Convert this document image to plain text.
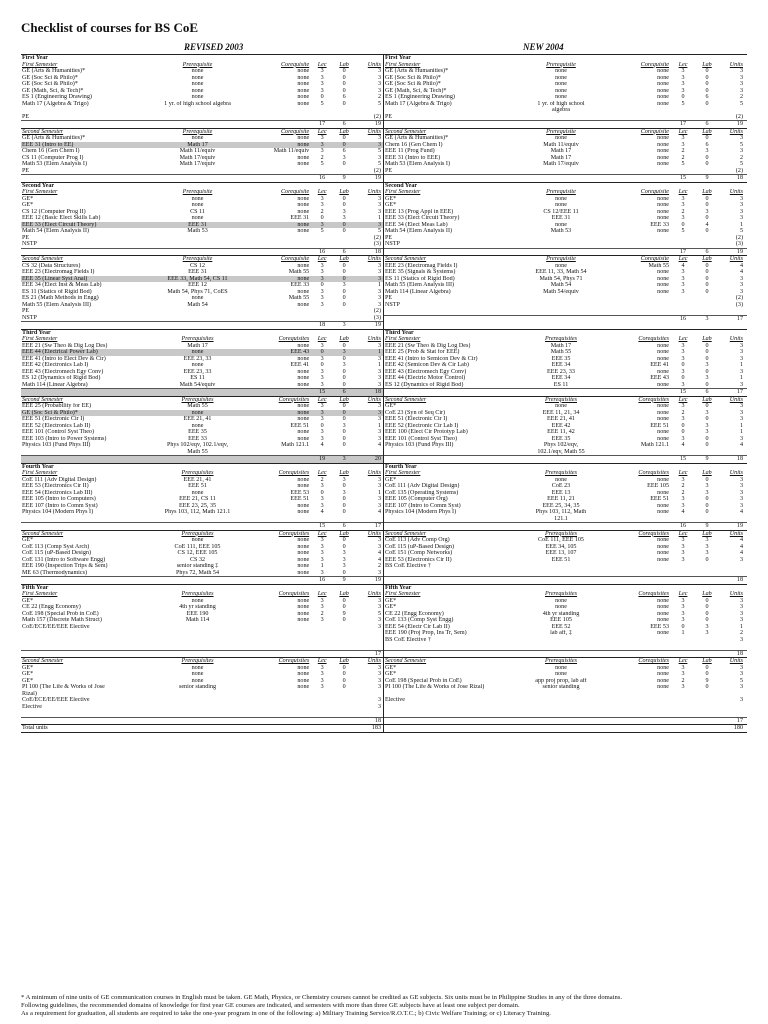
Checklist of courses for BS CoE
REVISED 2003	NEW 2004
First Year
First Semester	Prerequisite	Corequisite	Lec	Lab	Units
GE (Arts & Humanities)*	none	none	3	0	3
GE (Soc Sci & Philo)*	none	none	3	0	3
GE (Soc Sci & Philo)*	none	none	3	0	3
GE (Math, Sci, & Tech)*	none	none	3	0	3
ES 1 (Engineering Drawing)	none	none	0	6	2
Math 17 (Algebra & Trigo)	1 yr. of high school algebra	none	5	0	5
PE	(2)
17	6	19
First Year
First Semester	Prerequisite	Corequisite	Lec	Lab	Units
GE (Arts & Humanities)*	none	none	3	0	3
GE (Soc Sci & Philo)*	none	none	3	0	3
GE (Soc Sci & Philo)*	none	none	3	0	3
GE (Math, Sci, & Tech)*	none	none	3	0	3
ES 1 (Engineering Drawing)	none	none	0	6	2
Math 17 (Algebra & Trigo)	1 yr. of high school	none	5	0	5
algebra
PE	(2)
17	6	19
Second Semester	Prerequisite	Corequisite	Lec	Lab	Units
GE (Arts & Humanities)*	none	none	3	0	3
EEE 31 (Intro to EE)	Math 17	none	3	0	3
Chem 16 (Gen Chem I)	Math 11/equiv	Math 11/equiv	3	6	5
CS 11 (Computer Prog I)	Math 17/equiv	none	2	3	3
Math 53 (Elem Analysis I)	Math 17/equiv	none	5	0	5
PE	(2)
16	9	19
Second Semester	Prerequisite	Corequisite	Lec	Lab	Units
GE (Arts & Humanities)*	none	none	3	0	3
Chem 16 (Gen Chem I)	Math 11/equiv	none	3	6	5
EEE 11 (Prog Fund)	Math 17	none	2	3	3
EEE 31 (Intro to EEE)	Math 17	none	2	0	2
Math 53 (Elem Analysis I)	Math 17/equiv	none	5	0	5
PE	(2)
15	9	18
Second Year
First Semester	Prerequisite	Corequisite	Lec	Lab	Units
GE*	none	none	3	0	3
GE*	none	none	3	0	3
CS 12 (Computer Prog II)	CS 11	none	2	3	3
EEE 12 (Basic Elect Skills Lab)	none	EEE 31	0	3	1
EEE 33 (Elect Circuit Theory)	EEE 31	none	3	0	3
Math 54 (Elem Analysis II)	Math 53	none	5	0	5
PE	(2)
NSTP	(3)
16	6	18
Second Year
First Semester	Prerequisite	Corequisite	Lec	Lab	Units
GE*	none	none	3	0	3
GE*	none	none	3	0	3
EEE 13 (Prog Appl in EEE)	CS 12/EEE 11	none	2	3	3
EEE 33 (Elect Circuit Theory)	EEE 31	none	3	0	3
EEE 34 (Elect Meas Lab)	none	EEE 33	0	4	1
Math 54 (Elem Analysis II)	Math 53	none	5	0	5
PE	(2)
NSTP	(3)
17	6	19
Second Semester	Prerequisite	Corequisite	Lec	Lab	Units
CS 32 (Data Structures)	CS 12	none	3	0	3
EEE 23 (Electromag Fields I)	EEE 31	Math 55	3	0	3
EEE 35 (Linear Syst Anal)	EEE 33, Math 54, CS 11	none	3	0	3
EEE 34 (Elect Inst & Meas Lab)	EEE 12	EEE 33	0	3	1
ES 11 (Statics of Rigid Bod)	Math 54, Phys 71, CoES	none	3	0	3
ES 21 (Math Methods in Engg)	none	Math 55	3	0	3
Math 55 (Elem Analysis III)	Math 54	none	3	0	3
PE	(2)
NSTP	(3)
18	3	19
Second Semester	Prerequisite	Corequisite	Lec	Lab	Units
EEE 23 (Electromag Fields I)	none	Math 55	4	0	4
EEE 35 (Signals & Systems)	EEE 11, 33, Math 54	none	3	0	4
ES 11 (Statics of Rigid Bod)	Math 54, Phys 71	none	3	0	3
Math 55 (Elem Analysis III)	Math 54	none	3	0	3
Math 114 (Linear Algebra)	Math 54/equiv	none	3	0	3
PE	(2)
NSTP	(3)
16	3	17
Third Year
First Semester	Prerequisites	Corequisites	Lec	Lab	Units
EEE 21 (Sw Theo & Dig Log Des)	Math 17	none	3	0	3
EEE 44 (Electrical Power Lab)	none	EEE 43	0	3	1
EEE 41 (Intro to Elect Dev & Cir)	EEE 23, 33	none	3	0	3
EEE 42 (Electronics Lab I)	none	EEE 41	0	3	1
EEE 43 (Electromech Egy Conv)	EEE 23, 33	none	3	0	3
ES 12 (Dynamics of Rigid Bod)	ES 11	none	3	0	3
Math 114 (Linear Algebra)	Math 54/equiv	none	3	0	3
15	6	18
Third Year
First Semester	Prerequisites	Corequisites	Lec	Lab	Units
EEE 21 (Sw Theo & Dig Log Des)	Math 17	none	3	0	3
EEE 25 (Prob & Stat for EEE)	Math 55	none	3	0	3
EEE 41 (Intro to Semicon Dev & Cir)	EEE 35	none	3	0	3
EEE 42 (Semicon Dev & Cir Lab)	EEE 34	EEE 41	0	3	1
EEE 43 (Electromech Egy Conv)	EEE 23, 33	none	3	0	3
EEE 44 (Electric Motor Control)	EEE 34	EEE 43	0	3	1
ES 12 (Dynamics of Rigid Bod)	ES 11	none	3	0	3
15	6	17
Second Semester	Prerequisites	Corequisites	Lec	Lab	Units
EEE 25 (Probability for EE)	Math 55	none	3	0	3
GE (Soc Sci & Philo)*	none	none	3	0	3
EEE 51 (Electronic Cir I)	EEE 21, 41	none	3	0	3
EEE 52 (Electronics Lab II)	none	EEE 51	0	3	1
EEE 101 (Control Syst Theo)	EEE 35	none	3	0	3
EEE 103 (Intro to Power Systems)	EEE 33	none	3	0	3
Physics 103 (Fund Phys III)	Phys 102/eqv, 102.1/eqv,	Math 121.1	4	0	4
Math 55
19	3	20
Second Semester	Prerequisites	Corequisites	Lec	Lab	Units
GE*	none	none	3	0	3
CoE 23 (Syn of Seq Cir)	EEE 11, 21, 34	none	2	3	3
EEE 51 (Electronic Cir I)	EEE 21, 41	none	3	0	3
EEE 52 (Electronic Cir Lab I)	EEE 42	EEE 51	0	3	1
EEE 100 (Elect Cir Prototyp Lab)	EEE 11, 42	none	0	3	1
EEE 101 (Control Syst Theo)	EEE 35	none	3	0	3
Physics 103 (Fund Phys III)	Phys 102/eqv,	Math 121.1	4	0	4
102.1/eqv, Math 55
15	9	18
Fourth Year
First Semester	Prerequisites	Corequisites	Lec	Lab	Units
CoE 111 (Adv Digital Design)	EEE 21, 41	none	2	3	3
EEE 53 (Electronics Cir II)	EEE 51	none	3	0	3
EEE 54 (Electronics Lab III)	none	EEE 53	0	3	1
EEE 105 (Intro to Computers)	EEE 21, CS 11	EEE 51	3	0	3
EEE 107 (Intro to Comm Syst)	EEE 23, 25, 35	none	3	0	3
Physics 104 (Modern Phys I)	Phys 103, 112, Math 121.1	none	4	0	4
15	6	17
Fourth Year
First Semester	Prerequisites	Corequisites	Lec	Lab	Units
GE*	none	none	3	0	3
CoE 111 (Adv Digital Design)	CoE 23	EEE 105	2	3	3
CoE 135 (Operating Systems)	EEE 13	none	2	3	3
EEE 105 (Computer Org)	EEE 11, 21	EEE 51	3	0	3
EEE 107 (Intro to Comm Syst)	EEE 25, 34, 35	none	3	0	3
Physics 104 (Modern Phys I)	Phys 103, 112, Math	none	4	0	4
121.1
16	9	19
Second Semester	Prerequisites	Corequisites	Lec	Lab	Units
GE*	none	none	3	0	3
CoE 113 (Comp Syst Arch)	CoE 111, EEE 105	none	3	0	3
CoE 115 (uP-Based Design)	CS 12, EEE 105	none	3	3	4
CoE 131 (Intro to Software Engg)	CS 32	none	3	3	4
EEE 190 (Inspection Trips & Sem)	senior standing ‡	none	1	3	2
ME 63 (Thermodynamics)	Phys 72, Math 54	none	3	0	3
16	9	19
Second Semester	Prerequisites	Corequisites	Lec	Lab	Units
CoE 113 (Adv Comp Org)	CoE 111, EEE 105	none	3	3	4
CoE 115 (uP-Based Design)	EEE 34, 105	none	3	3	4
CoE 151 (Comp Networks)	EEE 13, 107	none	3	3	4
EEE 53 (Electronics Cir II)	EEE 51	none	3	0	3
BS CoE Elective †
18
Fifth Year
First Semester	Prerequisites	Corequisites	Lec	Lab	Units
GE*	none	none	3	0	3
CE 22 (Engg Economy)	4th yr standing	none	3	0	3
CoE 198 (Special Prob in CoE)	EEE 190	none	2	9	5
Math 157 (Discrete Math Struct)	Math 114	none	3	0	3
CoE/ECE/EE/EEE Elective	3
17
Fifth Year
First Semester	Prerequisites	Corequisites	Lec	Lab	Units
GE*	none	none	3	0	3
GE*	none	none	3	0	3
CE 22 (Engg Economy)	4th yr standing	none	3	0	3
CoE 133 (Comp Syst Engg)	EEE 105	none	3	0	3
EEE 54 (Electr Cir Lab II)	EEE 52	EEE 53	0	3	1
EEE 190 (Proj Prop, Ins Tr, Sem)	lab aff, ‡	none	1	3	2
BS CoE Elective †	3
18
Second Semester	Prerequisites	Corequisites	Lec	Lab	Units
GE*	none	none	3	0	3
GE*	none	none	3	0	3
GE*	none	none	3	0	3
PI 100 (The Life & Works of Jose	senior standing	none	3	0	3
Rizal)
CoE/ECE/EE/EEE Elective	3
Elective	3
18
Second Semester	Prerequisites	Corequisites	Lec	Lab	Units
GE*	none	none	3	0	3
GE*	none	none	3	0	3
CoE 198 (Special Prob in CoE)	app proj prop, lab aff	none	2	9	5
PI 100 (The Life & Works of Jose Rizal)	senior standing	none	3	0	3
Elective	3
17
Total units	183	180
* A minimum of nine units of GE communication courses in English must be taken. GE Math, Physics, or Chemistry courses cannot be credited as GE subjects. Six units must be in Philippine Studies in any of the three domains.
Following guidelines, the recommended domains of knowledge for first year GE courses are indicated, and semesters with more than three GE subjects have at least one subject per domain.
As a requirement for graduation, all students are required to take the one-year program in one of the following: a) Military Training Service/R.O.T.C.; b) Civic Welfare Training; or c) Literacy Training.
